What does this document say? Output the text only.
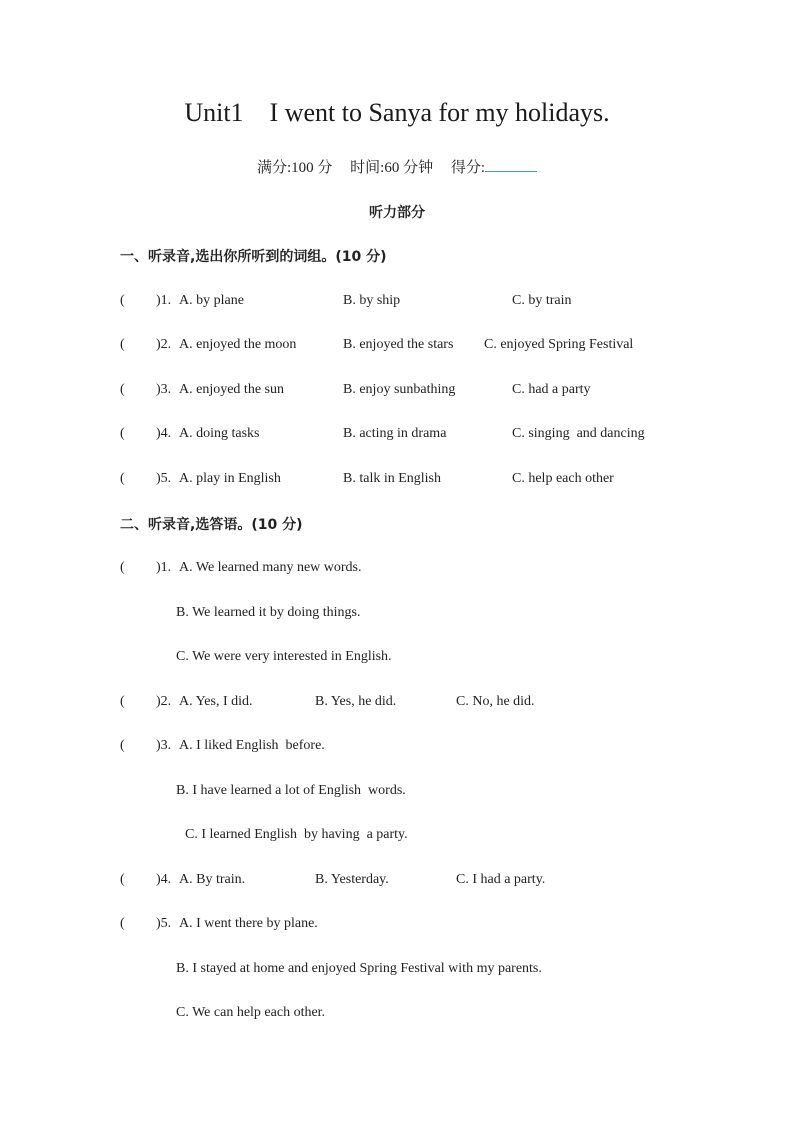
Unit1    I went to Sanya for my holidays.
满分:100 分 时间:60 分钟 得分:
听力部分
一、听录音,选出你所听到的词组。(10 分)
( )1. A. by plane	B. by ship	C. by train
( )2. A. enjoyed the moon	B. enjoyed the stars C. enjoyed Spring Festival
( )3. A. enjoyed the sun	B. enjoy sunbathing	C. had a party
( )4. A. doing tasks	B. acting in drama	C. singing  and dancing
( )5. A. play in English	B. talk in English	C. help each other
二、听录音,选答语。(10 分)
( )1. A. We learned many new words.
B. We learned it by doing things.
C. We were very interested in English.
( )2. A. Yes, I did.	B. Yes, he did.	C. No, he did.
( )3. A. I liked English  before.
B. I have learned a lot of English  words.
C. I learned English  by having  a party.
( )4. A. By train.	B. Yesterday.	C. I had a party.
( )5. A. I went there by plane.
B. I stayed at home and enjoyed Spring Festival with my parents.
C. We can help each other.
